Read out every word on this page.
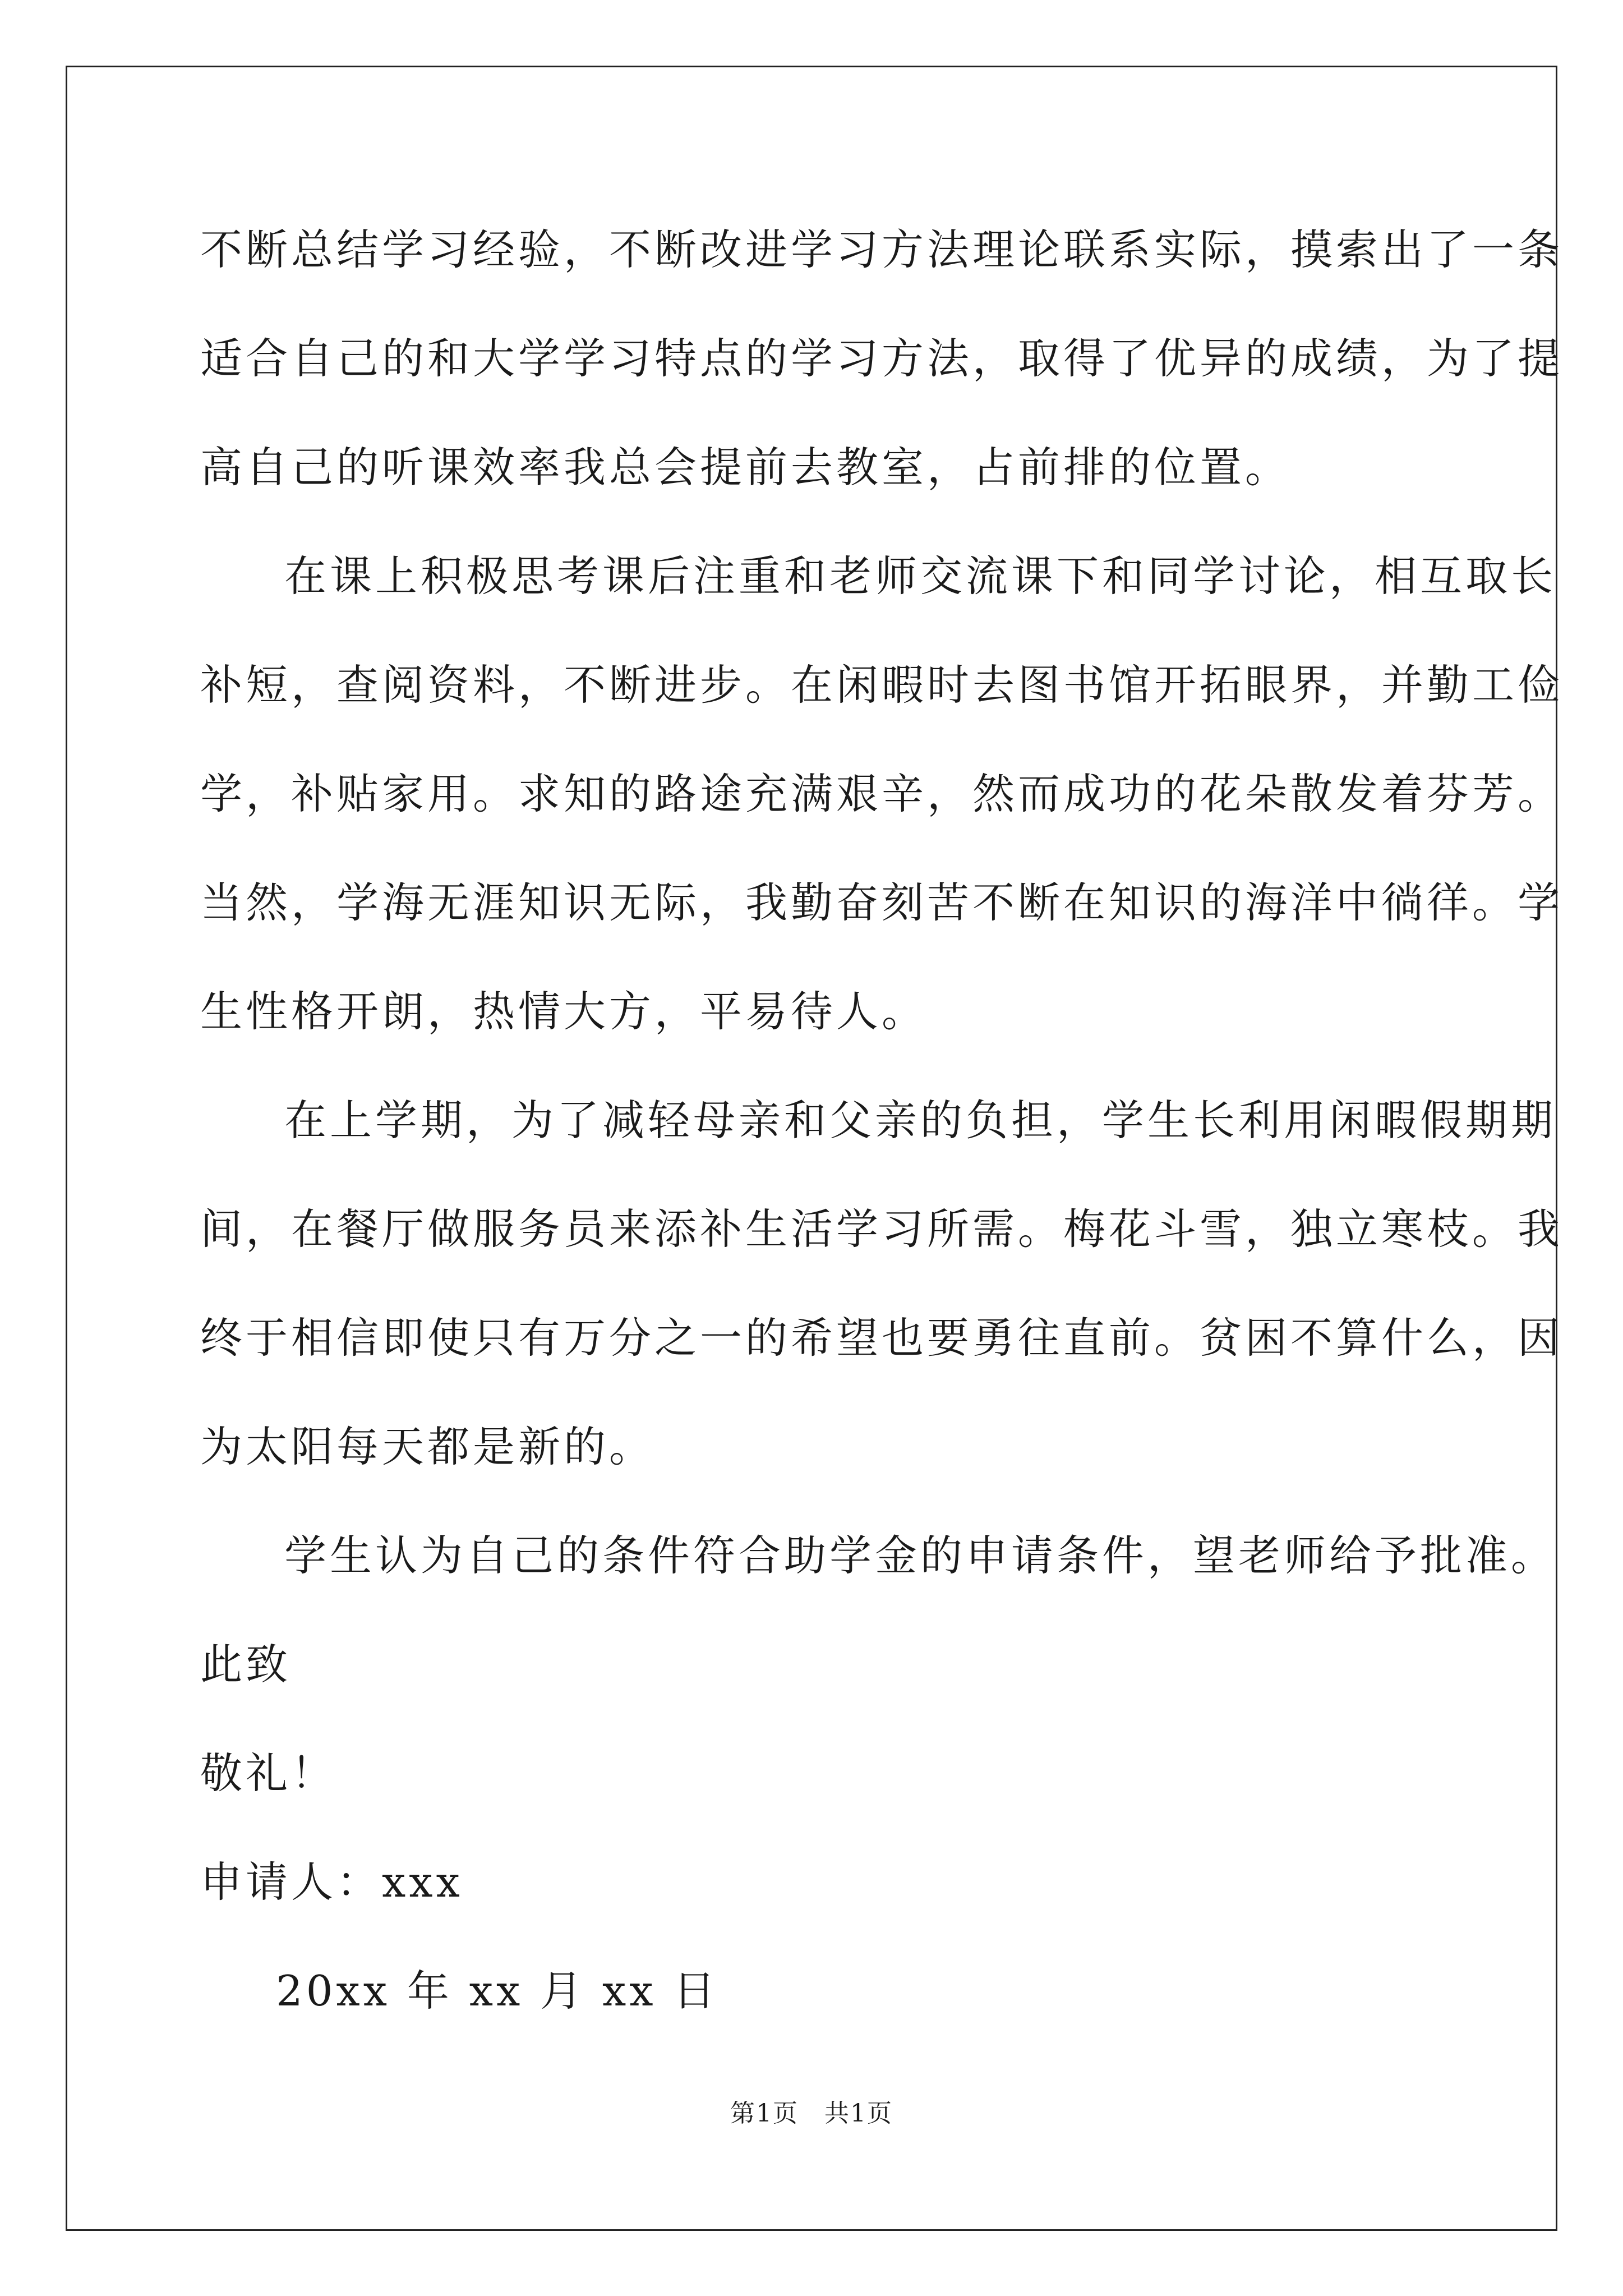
不断总结学习经验，不断改进学习方法理论联系实际，摸索出了一条
适合自己的和大学学习特点的学习方法，取得了优异的成绩，为了提
高自己的听课效率我总会提前去教室，占前排的位置。
在课上积极思考课后注重和老师交流课下和同学讨论，相互取长
补短，查阅资料，不断进步。在闲暇时去图书馆开拓眼界，并勤工俭
学，补贴家用。求知的路途充满艰辛，然而成功的花朵散发着芬芳。
当然，学海无涯知识无际，我勤奋刻苦不断在知识的海洋中徜徉。学
生性格开朗，热情大方，平易待人。
在上学期，为了减轻母亲和父亲的负担，学生长利用闲暇假期期
间，在餐厅做服务员来添补生活学习所需。梅花斗雪，独立寒枝。我
终于相信即使只有万分之一的希望也要勇往直前。贫困不算什么，因
为太阳每天都是新的。
学生认为自己的条件符合助学金的申请条件，望老师给予批准。
此致
敬礼！
申请人：xxx
20xx 年 xx 月 xx 日
第1页　共1页
